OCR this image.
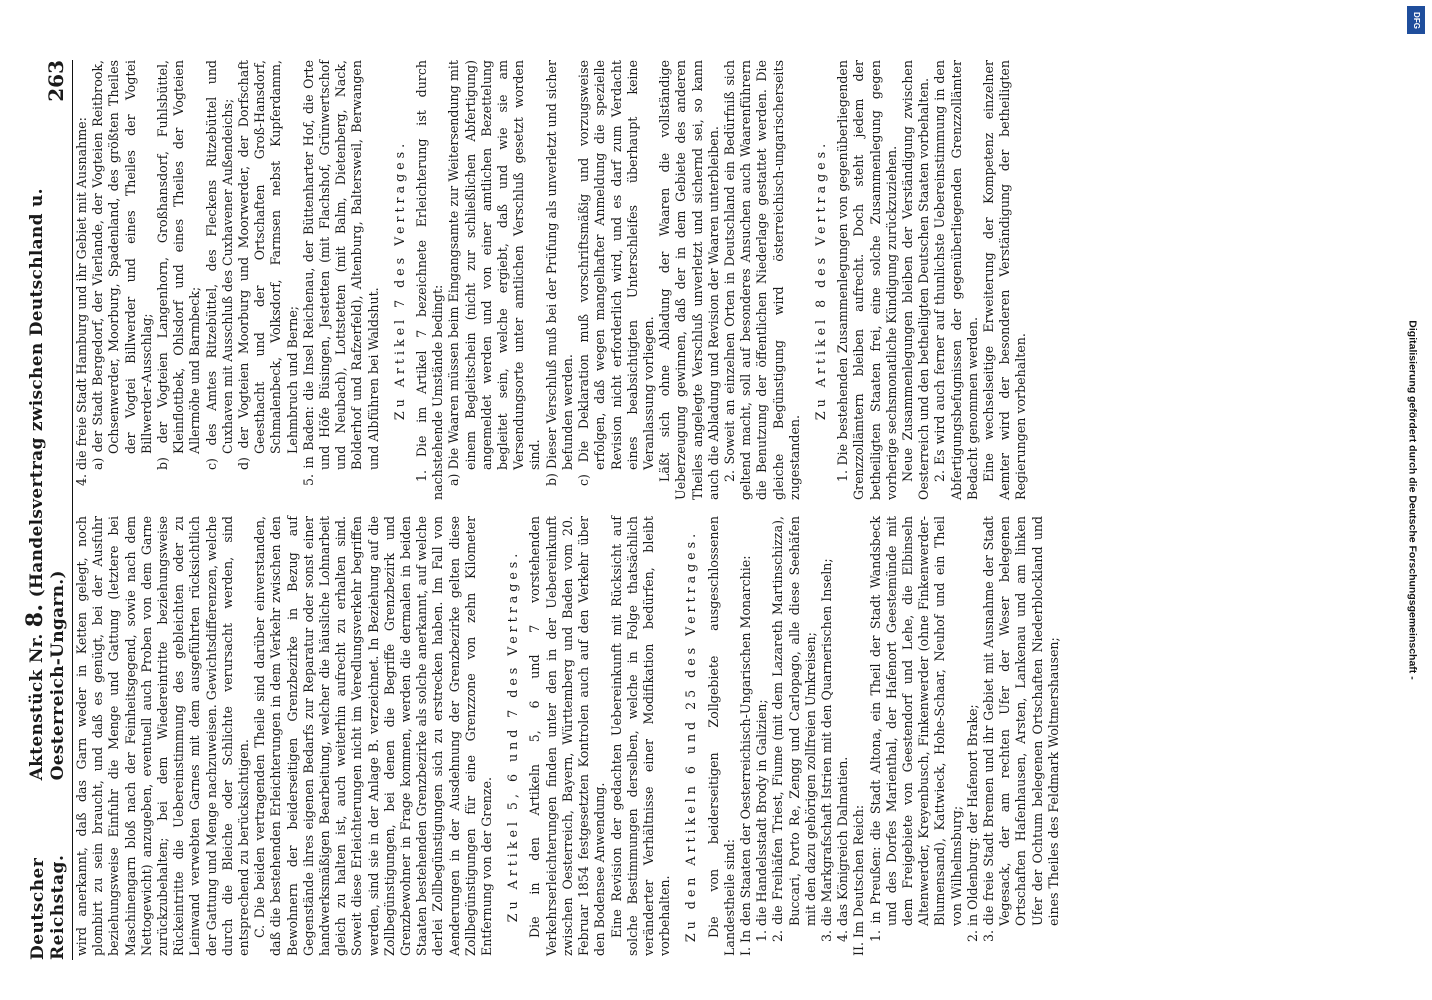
Deutscher Reichstag.
Aktenstück Nr. 8. (Handelsvertrag zwischen Deutschland u. Oesterreich-Ungarn.)
263

wird anerkannt, daß das Garn weder in Ketten gelegt, noch plombirt zu sein braucht, und daß es genügt, bei der Ausfuhr beziehungsweise Einfuhr die Menge und Gattung (letztere bei Maschinengarn bloß nach der Feinheitsgegend, sowie nach dem Nettogewicht) anzugeben, eventuell auch Proben von dem Garne zurückzubehalten; bei dem Wiedereintritte beziehungsweise Rückeintritte die Uebereinstimmung des gebleichten oder zu Leinwand verwebten Garnes mit dem ausgeführten rücksichtlich der Gattung und Menge nachzuweisen. Gewichtsdifferenzen, welche durch die Bleiche oder Schlichte verursacht werden, sind entsprechend zu berücksichtigen. C. Die beiden vertragenden Theile sind darüber einverstanden, daß die bestehenden Erleichterungen in dem Verkehr zwischen den Bewohnern der beiderseitigen Grenzbezirke in Bezug auf Gegenstände ihres eigenen Bedarfs zur Reparatur oder sonst einer handwerksmäßigen Bearbeitung, welcher die häusliche Lohnarbeit gleich zu halten ist, auch weiterhin aufrecht zu erhalten sind. Soweit diese Erleichterungen nicht im Veredlungsverkehr begriffen werden, sind sie in der Anlage B. verzeichnet. In Beziehung auf die Zollbegünstigungen, bei denen die Begriffe Grenzbezirk und Grenzbewohner in Frage kommen, werden die dermalen in beiden Staaten bestehenden Grenzbezirke als solche anerkannt, auf welche derlei Zollbegünstigungen sich zu erstrecken haben. Im Fall von Aenderungen in der Ausdehnung der Grenzbezirke gelten diese Zollbegünstigungen für eine Grenzzone von zehn Kilometer Entfernung von der Grenze. Zu Artikel 5, 6 und 7 des Vertrages. Die in den Artikeln 5, 6 und 7 vorstehenden Verkehrserleichterungen finden unter den in der Uebereinkunft zwischen Oesterreich, Bayern, Württemberg und Baden vom 20. Februar 1854 festgesetzten Kontrolen auch auf den Verkehr über den Bodensee Anwendung. Eine Revision der gedachten Uebereinkunft mit Rücksicht auf solche Bestimmungen derselben, welche in Folge thatsächlich veränderter Verhältnisse einer Modifikation bedürfen, bleibt vorbehalten. Zu den Artikeln 6 und 25 des Vertrages. Die von beiderseitigen Zollgebiete ausgeschlossenen Landestheile sind: I. In den Staaten der Oesterreichisch-Ungarischen Monarchie: 1. die Handelsstadt Brody in Galizien; 2. die Freihäfen Triest, Fiume (mit dem Lazareth Martinschizza), Buccari, Porto Re, Zengg und Carlopago, alle diese Seehäfen mit den dazu gehörigen zollfreien Umkreisen; 3. die Markgrafschaft Istrien mit den Quarnerischen Inseln; 4. das Königreich Dalmatien. II. Im Deutschen Reich: 1. in Preußen: die Stadt Altona, ein Theil der Stadt Wandsbeck und des Dorfes Marienthal, der Hafenort Geestemünde mit dem Freigebiete von Geestendorf und Lehe, die Elbinseln Altenwerder, Kreyenbusch, Finkenwerder (ohne Finkenwerder-Blumensand), Kattwieck, Hohe-Schaar, Neuhof und ein Theil von Wilhelmsburg; 2. in Oldenburg: der Hafenort Brake; 3. die freie Stadt Bremen und ihr Gebiet mit Ausnahme der Stadt Vegesack, der am rechten Ufer der Weser belegenen Ortschaften Hafenhausen, Arsten, Lankenau und am linken Ufer der Ochtum belegenen Ortschaften Niederblockland und eines Theiles des Feldmark Woltmershausen;

4. die freie Stadt Hamburg und ihr Gebiet mit Ausnahme: a) der Stadt Bergedorf, der Vierlande, der Vogteien Reitbrook, Ochsenwerder, Moorburg, Spadenland, des größten Theiles der Vogtei Billwerder und eines Theiles der Vogtei Billwerder-Ausschlag; b) der Vogteien Langenhorn, Großhansdorf, Fuhlsbüttel, Kleinflottbek, Ohlsdorf und eines Theiles der Vogteien Allermöhe und Barmbeck; c) des Amtes Ritzebüttel, des Fleckens Ritzebüttel und Cuxhaven mit Ausschluß des Cuxhavener Außendeichs; d) der Vogteien Moorburg und Moorwerder, der Dorfschaft Geesthacht und der Ortschaften Groß-Hansdorf, Schmalenbeck, Volksdorf, Farmsen nebst Kupferdamm, Lehmbruch und Berne; 5. in Baden: die Insel Reichenau, der Büttenharter Hof, die Orte und Höfe Büsingen, Jestetten (mit Flachshof, Grünwertschof und Neubach), Lottstetten (mit Balm, Dietenberg, Nack, Bolderhof und Rafzerfeld), Altenburg, Baltersweil, Berwangen und Albführen bei Waldshut. Zu Artikel 7 des Vertrages. 1. Die im Artikel 7 bezeichnete Erleichterung ist durch nachstehende Umstände bedingt: a) Die Waaren müssen beim Eingangsamte zur Weitersendung mit einem Begleitschein (nicht zur schließlichen Abfertigung) angemeldet werden und von einer amtlichen Bezettelung begleitet sein, welche ergiebt, daß und wie sie am Versendungsorte unter amtlichen Verschluß gesetzt worden sind. b) Dieser Verschluß muß bei der Prüfung als unverletzt und sicher befunden werden. c) Die Deklaration muß vorschriftsmäßig und vorzugsweise erfolgen, daß wegen mangelhafter Anmeldung die spezielle Revision nicht erforderlich wird, und es darf zum Verdacht eines beabsichtigten Unterschleifes überhaupt keine Veranlassung vorliegen. Läßt sich ohne Abladung der Waaren die vollständige Ueberzeugung gewinnen, daß der in dem Gebiete des anderen Theiles angelegte Verschluß unverletzt und sichernd sei, so kann auch die Abladung und Revision der Waaren unterbleiben. 2. Soweit an einzelnen Orten in Deutschland ein Bedürfniß sich geltend macht, soll auf besonderes Ansuchen auch Waarenführern die Benutzung der öffentlichen Niederlage gestattet werden. Die gleiche Begünstigung wird österreichisch-ungarischerseits zugestanden.

Zu Artikel 8 des Vertrages. 1. Die bestehenden Zusammenlegungen von gegenüberliegenden Grenzzollämtern bleiben aufrecht. Doch steht jedem der betheiligten Staaten frei, eine solche Zusammenlegung gegen vorherige sechsmonatliche Kündigung zurückzuziehen. Neue Zusammenlegungen bleiben der Verständigung zwischen Oesterreich und den betheiligten Deutschen Staaten vorbehalten. 2. Es wird auch ferner auf thunlichste Uebereinstimmung in den Abfertigungsbefugnissen der gegenüberliegenden Grenzzollämter Bedacht genommen werden. Eine wechselseitige Erweiterung der Kompetenz einzelner Aemter wird der besonderen Verständigung der betheiligten Regierungen vorbehalten.	Digitalisierung gefördert durch die Deutsche Forschungsgemeinschaft -
DFG
